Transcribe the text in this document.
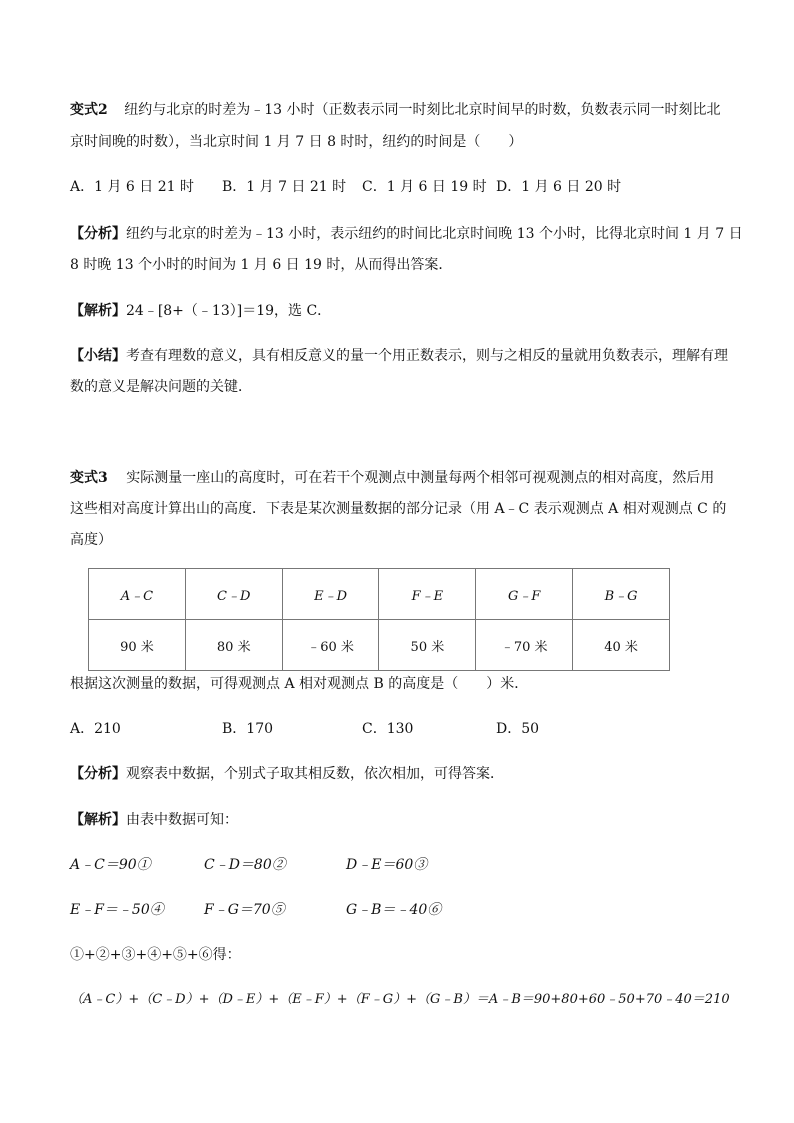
变式2 纽约与北京的时差为﹣13 小时（正数表示同一时刻比北京时间早的时数，负数表示同一时刻比北
京时间晚的时数），当北京时间 1 月 7 日 8 时时，纽约的时间是（　　）
A．1 月 6 日 21 时 B．1 月 7 日 21 时 C．1 月 6 日 19 时 D．1 月 6 日 20 时
【分析】纽约与北京的时差为﹣13 小时，表示纽约的时间比北京时间晚 13 个小时，比得北京时间 1 月 7 日
8 时晚 13 个小时的时间为 1 月 6 日 19 时，从而得出答案．
【解析】24﹣[8+（﹣13）]＝19，选 C．
【小结】考查有理数的意义，具有相反意义的量一个用正数表示，则与之相反的量就用负数表示，理解有理
数的意义是解决问题的关键．
变式3 实际测量一座山的高度时，可在若干个观测点中测量每两个相邻可视观测点的相对高度，然后用
这些相对高度计算出山的高度．下表是某次测量数据的部分记录（用 A﹣C 表示观测点 A 相对观测点 C 的
高度）
A﹣C	C﹣D	E﹣D	F﹣E	G﹣F	B﹣G
90 米	80 米	﹣60 米	50 米	﹣70 米	40 米
根据这次测量的数据，可得观测点 A 相对观测点 B 的高度是（　　）米．
A．210	B．170	C．130	D．50
【分析】观察表中数据，个别式子取其相反数，依次相加，可得答案．
【解析】由表中数据可知：
A﹣C＝90①	C﹣D＝80②	D﹣E＝60③
E﹣F＝﹣50④	F﹣G＝70⑤	G﹣B＝﹣40⑥
①+②+③+④+⑤+⑥得：
（A﹣C）+（C﹣D）+（D﹣E）+（E﹣F）+（F﹣G）+（G﹣B）＝A﹣B＝90+80+60﹣50+70﹣40＝210
